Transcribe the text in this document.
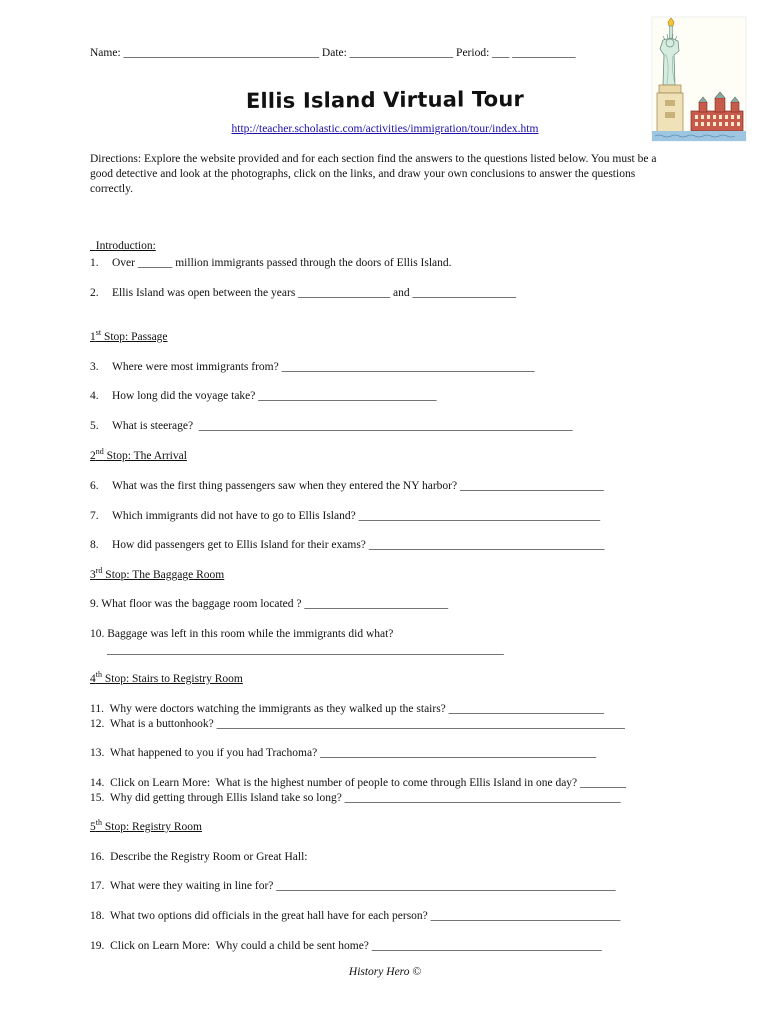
Name: __________________________________ Date: __________________ Period: ___ ___________
Ellis Island Virtual Tour
http://teacher.scholastic.com/activities/immigration/tour/index.htm
Directions: Explore the website provided and for each section find the answers to the questions listed below. You must be a good detective and look at the photographs, click on the links, and draw your own conclusions to answer the questions correctly.

Introduction:

1. Over ______ million immigrants passed through the doors of Ellis Island.
2. Ellis Island was open between the years ________________ and __________________
1st Stop: Passage
3. Where were most immigrants from? ____________________________________________
4. How long did the voyage take? _______________________________
5. What is steerage?  _________________________________________________________________
2nd Stop: The Arrival
6. What was the first thing passengers saw when they entered the NY harbor? _________________________
7. Which immigrants did not have to go to Ellis Island? __________________________________________
8. How did passengers get to Ellis Island for their exams? _________________________________________
3rd Stop: The Baggage Room
9. What floor was the baggage room located ? _________________________
10. Baggage was left in this room while the immigrants did what?
_____________________________________________________________________
4th Stop: Stairs to Registry Room
11. Why were doctors watching the immigrants as they walked up the stairs? ___________________________
12. What is a buttonhook? _______________________________________________________________________
13. What happened to you if you had Trachoma? ________________________________________________
14. Click on Learn More:  What is the highest number of people to come through Ellis Island in one day? ________
15. Why did getting through Ellis Island take so long? ________________________________________________
5th Stop: Registry Room
16. Describe the Registry Room or Great Hall:
17. What were they waiting in line for? ___________________________________________________________
18. What two options did officials in the great hall have for each person? _________________________________
19. Click on Learn More:  Why could a child be sent home? ________________________________________
History Hero ©
